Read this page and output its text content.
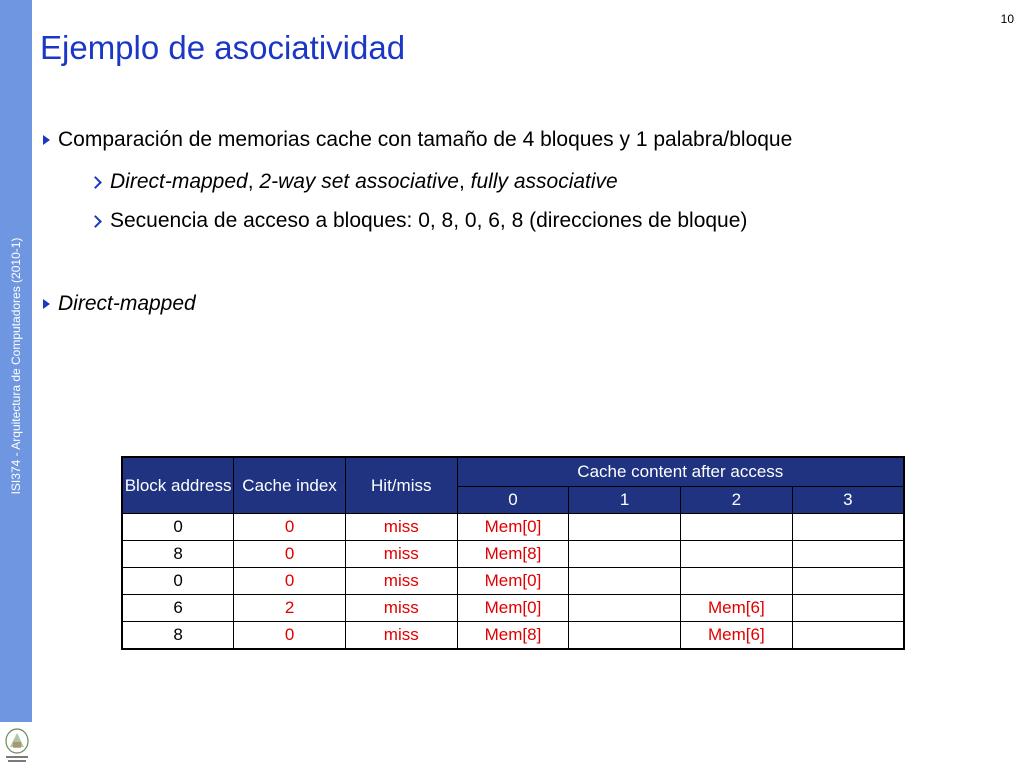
ISI374 - Arquitectura de Computadores (2010-1)
10
Ejemplo de asociatividad
Comparación de memorias cache con tamaño de 4 bloques y 1 palabra/bloque
Direct-mapped , 2-way set associative , fully associative
Secuencia de acceso a bloques: 0, 8, 0, 6, 8 (direcciones de bloque)
Direct-mapped
Block address	Cache index	Hit/miss	Cache content after access			
			0	1	2	3
0	0	miss	Mem[0]			
8	0	miss	Mem[8]			
0	0	miss	Mem[0]			
6	2	miss	Mem[0]		Mem[6]	
8	0	miss	Mem[8]		Mem[6]	
